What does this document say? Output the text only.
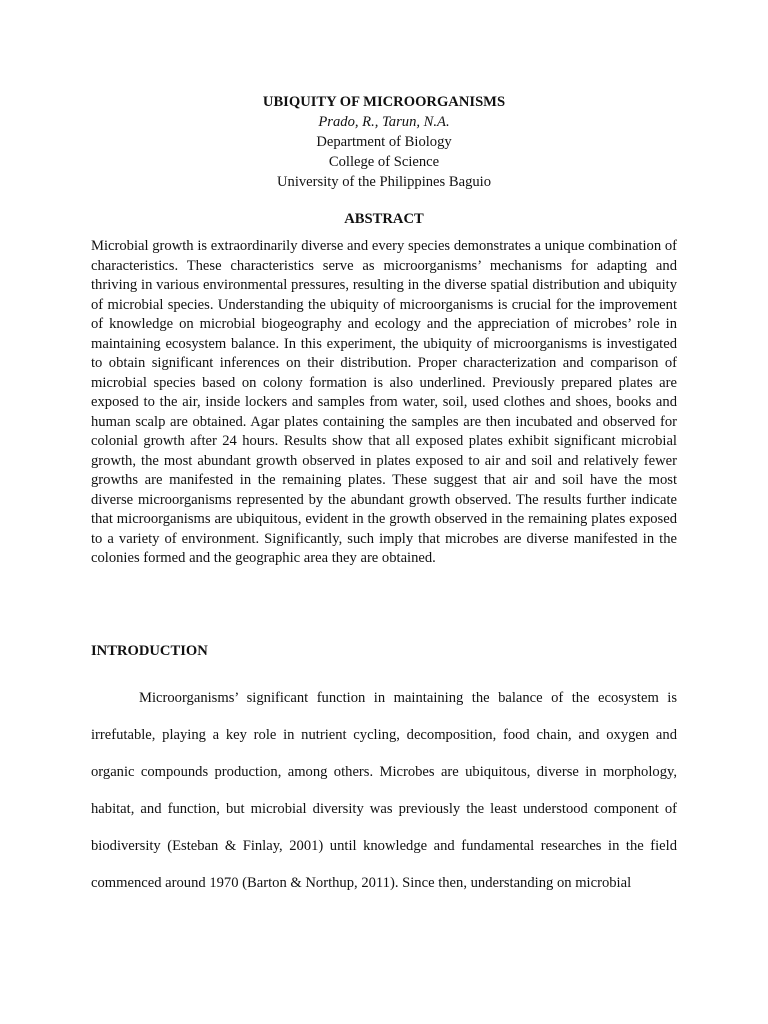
UBIQUITY OF MICROORGANISMS
Prado, R., Tarun, N.A.
Department of Biology
College of Science
University of the Philippines Baguio
ABSTRACT

Microbial growth is extraordinarily diverse and every species demonstrates a unique combination of characteristics. These characteristics serve as microorganisms’ mechanisms for adapting and thriving in various environmental pressures, resulting in the diverse spatial distribution and ubiquity of microbial species. Understanding the ubiquity of microorganisms is crucial for the improvement of knowledge on microbial biogeography and ecology and the appreciation of microbes’ role in maintaining ecosystem balance. In this experiment, the ubiquity of microorganisms is investigated to obtain significant inferences on their distribution. Proper characterization and comparison of microbial species based on colony formation is also underlined. Previously prepared plates are exposed to the air, inside lockers and samples from water, soil, used clothes and shoes, books and human scalp are obtained. Agar plates containing the samples are then incubated and observed for colonial growth after 24 hours. Results show that all exposed plates exhibit significant microbial growth, the most abundant growth observed in plates exposed to air and soil and relatively fewer growths are manifested in the remaining plates. These suggest that air and soil have the most diverse microorganisms represented by the abundant growth observed. The results further indicate that microorganisms are ubiquitous, evident in the growth observed in the remaining plates exposed to a variety of environment. Significantly, such imply that microbes are diverse manifested in the colonies formed and the geographic area they are obtained.

INTRODUCTION

Microorganisms’ significant function in maintaining the balance of the ecosystem is irrefutable, playing a key role in nutrient cycling, decomposition, food chain, and oxygen and organic compounds production, among others. Microbes are ubiquitous, diverse in morphology, habitat, and function, but microbial diversity was previously the least understood component of biodiversity (Esteban & Finlay, 2001) until knowledge and fundamental researches in the field commenced around 1970 (Barton & Northup, 2011). Since then, understanding on microbial
